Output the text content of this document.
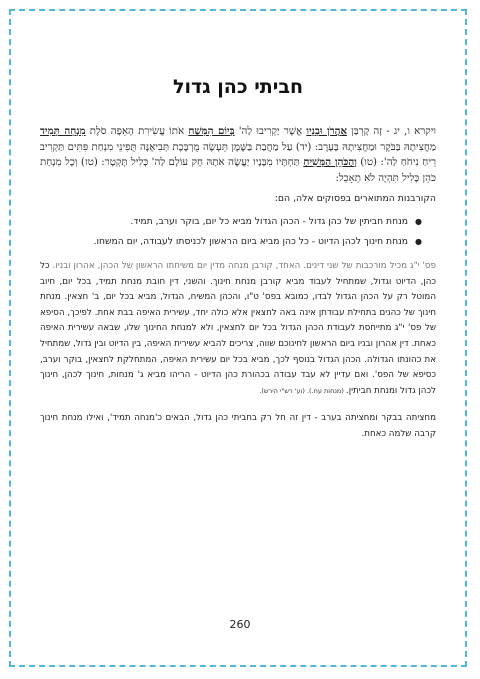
חביתי כהן גדול

ויקרא ו, יג - זֶה קָרְבַּן אַהֲרֹן וּבָנָיו אֲשֶׁר יַקְרִיבוּ לַה' בְּיוֹם הִמָּשַׁח אֹתוֹ עֲשִׂירִת הָאֵפָה סֹלֶת מִנְחָה תָּמִיד מַחֲצִיתָהּ בַּבֹּקֶר וּמַחֲצִיתָהּ בָּעָרֶב: (יד) עַל מַחֲבַת בַּשֶּׁמֶן תֵּעָשֶׂה מֻרְבֶּכֶת תְּבִיאֶנָּה תֻּפִינֵי מִנְחַת פִּתִּים תַּקְרִיב רֵיחַ נִיחֹחַ לַה': (טו) וְהַכֹּהֵן הַמָּשִׁיחַ תַּחְתָּיו מִבָּנָיו יַעֲשֶׂה אֹתָהּ חָק עוֹלָם לַה' כָּלִיל תָּקְטָר: (טז) וְכָל מִנְחַת כֹּהֵן כָּלִיל תִּהְיֶה לֹא תֵאָכֵל:

הקורבנות המתוארים בפסוקים אלה, הם:

● מנחת חביתין של כהן גדול - הכהן הגדול מביא כל יום, בוקר וערב, תמיד.
● מנחת חינוך לכהן הדיוט - כל כהן מביא ביום הראשון לכניסתו לעבודה, יום המשחו.

פס' י"ג מכיל מורכבות של שני דינים. האחד, קורבן מנחה מדין יום משיחתו הראשון של הכהן, אהרון ובניו. כל כהן, הדיוט וגדול, שמתחיל לעבוד מביא קורבן מנחת חינוך. והשני, דין חובת מנחת תמיד, בכל יום, חיוב המוטל רק על הכהן הגדול לבדו, כמובא בפס' ט"ו, והכהן המשיח, הגדול, מביא בכל יום, ב' חצאין. מנחת חינוך של כהנים בתחילת עבודתן אינה באה לחצאין אלא כולה יחד, עשירית האיפה בבת אחת. לפיכך, הסיפא של פס' י"ג מתייחסת לעבודת הכהן הגדול בכל יום לחצאין, ולא למנחת החינוך שלו, שבאה עשירית האיפה כאחת. דין אהרון ובניו ביום הראשון לחינוכם שווה, צריכים להביא עשירית האיפה, בין הדיוט ובין גדול, שמתחיל את כהונתו הגדולה. הכהן הגדול בנוסף לכך, מביא בכל יום עשירית האיפה, המתחלקת לחצאין, בוקר וערב, כסיפא של הפס'. ואם עדיין לא עבד עבודה בכהורת כהן הדיוט - הריהו מביא ג' מנחות, חינוך לכהן, חינוך לכהן גדול ומנחת חביתין. (מנחות עח.). (וע' רש"י הירש).

מחציתה בבקר ומחציתה בערב - דין זה חל רק בחביתי כהן גדול, הבאים כ'מנחה תמיד', ואילו מנחת חינוך קרבה שלמה כאחת.

260
